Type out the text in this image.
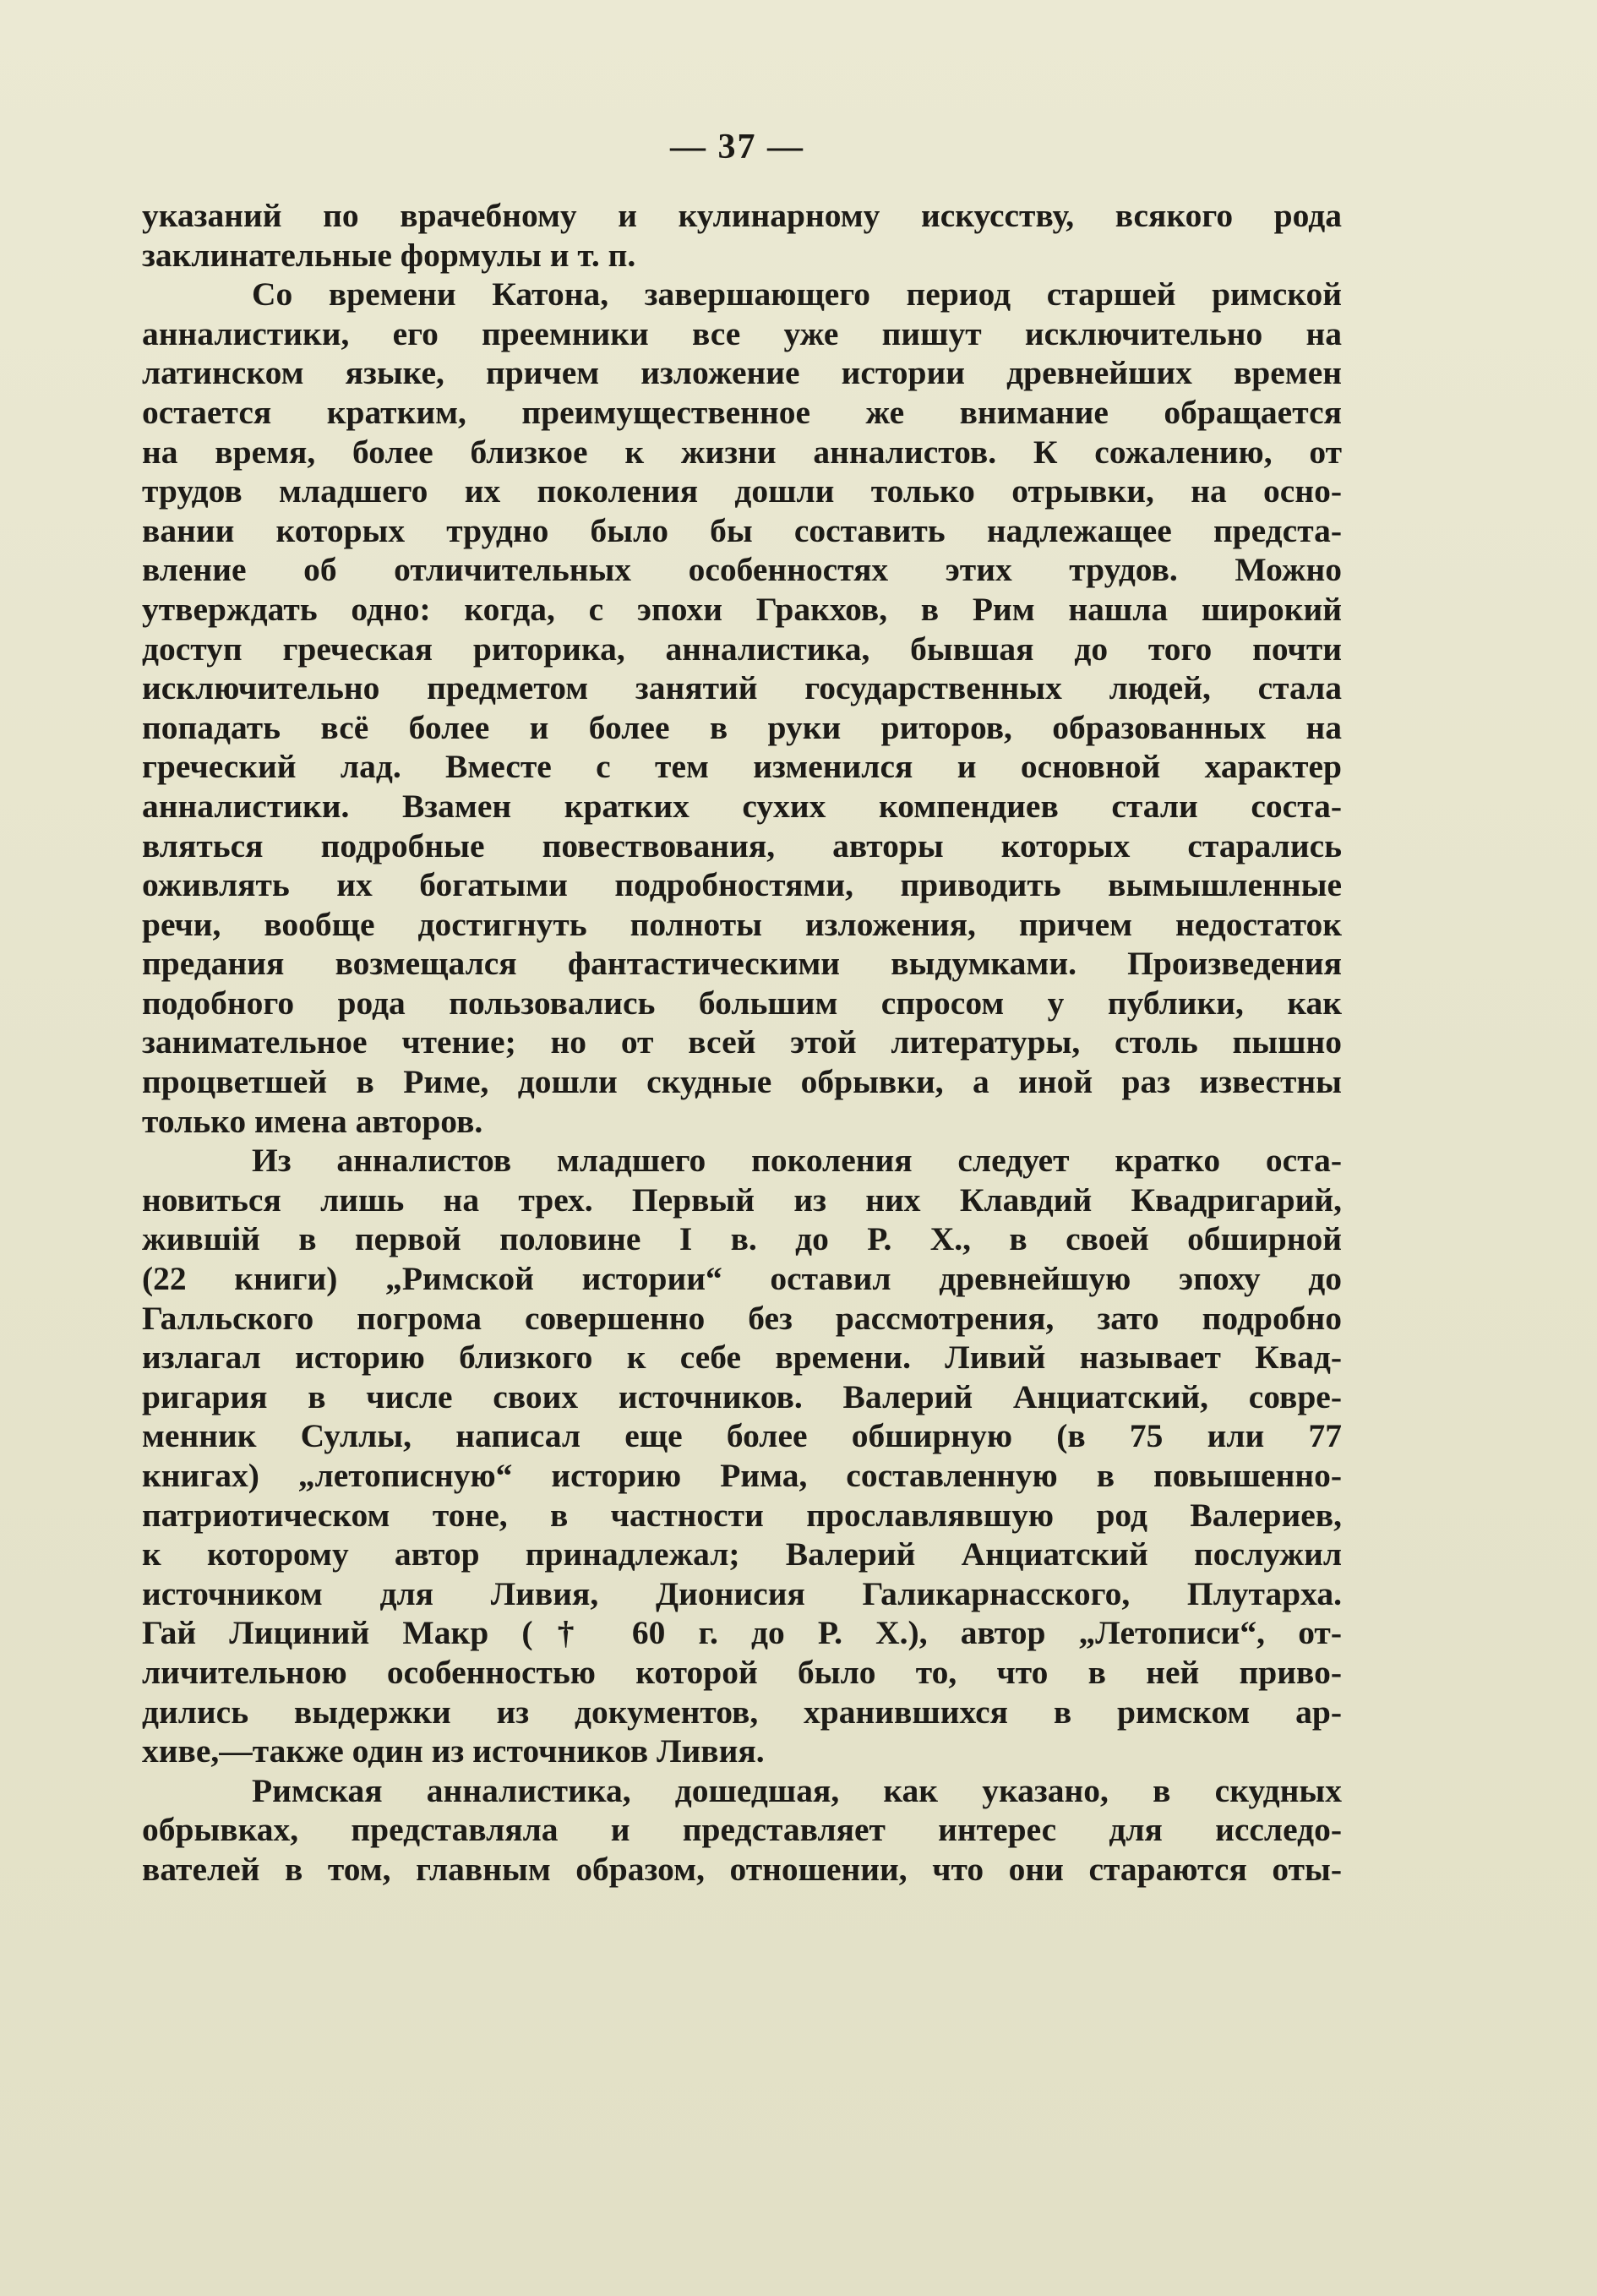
— 37 —

указаний по врачебному и кулинарному искусству, всякого рода

заклинательные формулы и т. п.

Со времени Катона, завершающего период старшей римской

анналистики, его преемники все уже пишут исключительно на

латинском языке, причем изложение истории древнейших времен

остается кратким, преимущественное же внимание обращается

на время, более близкое к жизни анналистов. К сожалению, от

трудов младшего их поколения дошли только отрывки, на осно-

вании которых трудно было бы составить надлежащее предста-

вление об отличительных особенностях этих трудов. Можно

утверждать одно: когда, с эпохи Гракхов, в Рим нашла широкий

доступ греческая риторика, анналистика, бывшая до того почти

исключительно предметом занятий государственных людей, стала

попадать всё более и более в руки риторов, образованных на

греческий лад. Вместе с тем изменился и основной характер

анналистики. Взамен кратких сухих компендиев стали соста-

вляться подробные повествования, авторы которых старались

оживлять их богатыми подробностями, приводить вымышленные

речи, вообще достигнуть полноты изложения, причем недостаток

предания возмещался фантастическими выдумками. Произведения

подобного рода пользовались большим спросом у публики, как

занимательное чтение; но от всей этой литературы, столь пышно

процветшей в Риме, дошли скудные обрывки, а иной раз известны

только имена авторов.

Из анналистов младшего поколения следует кратко оста-

новиться лишь на трех. Первый из них Клавдий Квадригарий,

жившій в первой половине I в. до Р. Х., в своей обширной

(22 книги) „Римской истории“ оставил древнейшую эпоху до

Галльского погрома совершенно без рассмотрения, зато подробно

излагал историю близкого к себе времени. Ливий называет Квад-

ригария в числе своих источников. Валерий Анциатский, совре-

менник Суллы, написал еще более обширную (в 75 или 77

книгах) „летописную“ историю Рима, составленную в повышенно-

патриотическом тоне, в частности прославлявшую род Валериев,

к которому автор принадлежал; Валерий Анциатский послужил

источником для Ливия, Дионисия Галикарнасского, Плутарха.

Гай Лициний Макр († 60 г. до Р. Х.), автор „Летописи“, от-

личительною особенностью которой было то, что в ней приво-

дились выдержки из документов, хранившихся в римском ар-

хиве,—также один из источников Ливия.

Римская анналистика, дошедшая, как указано, в скудных

обрывках, представляла и представляет интерес для исследо-

вателей в том, главным образом, отношении, что они стараются оты-
